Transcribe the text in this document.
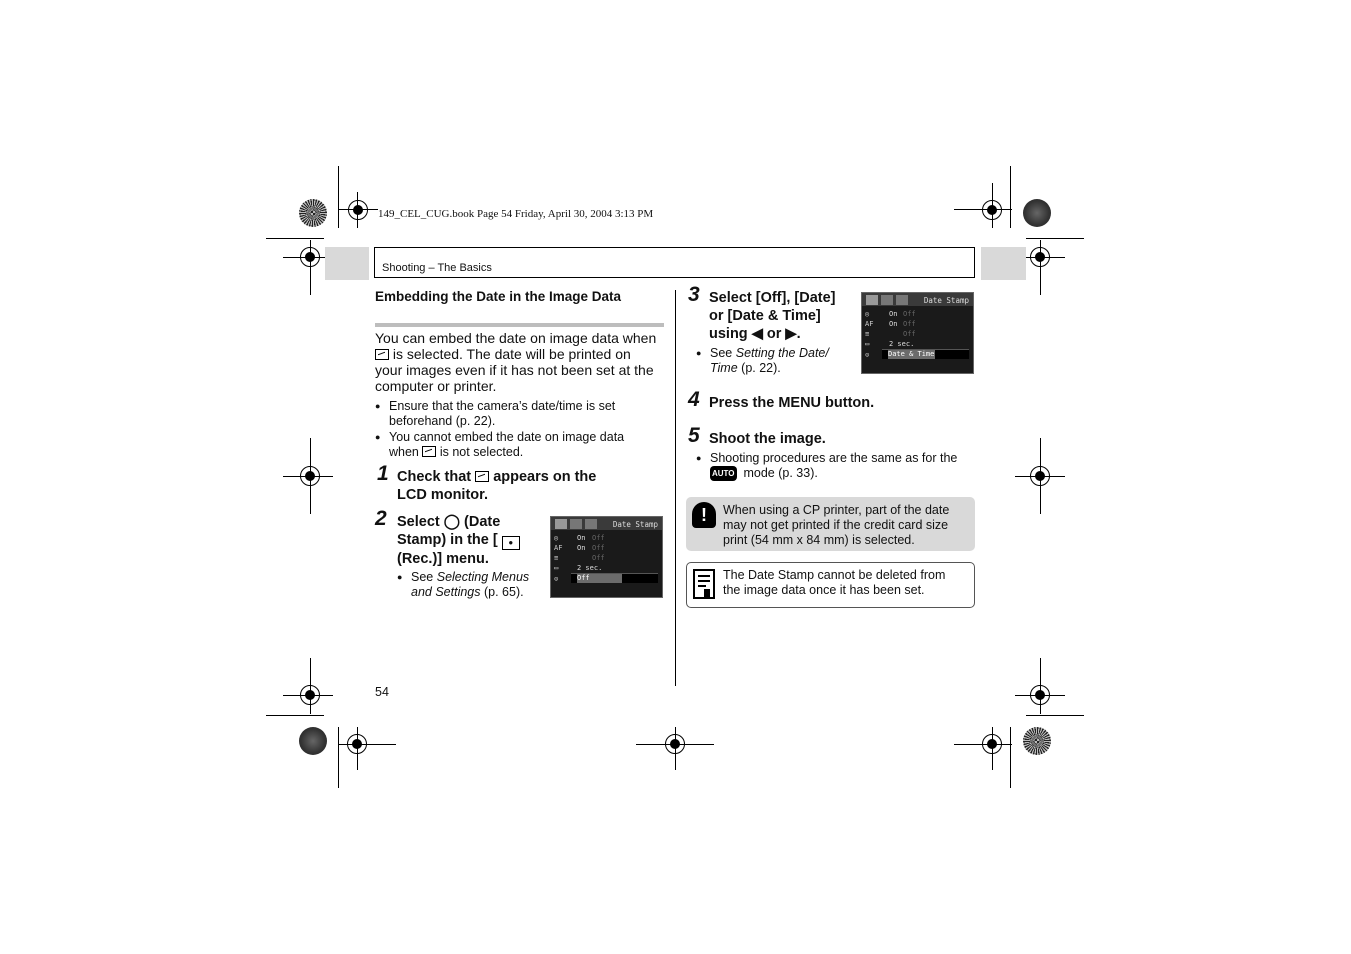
149_CEL_CUG.book Page 54 Friday, April 30, 2004 3:13 PM
Shooting – The Basics
Embedding the Date in the Image Data
You can embed the date on image data when
is selected. The date will be printed on
your images even if it has not been set at the
computer or printer.
● Ensure that the camera’s date/time is set
beforehand (p. 22).
● You cannot embed the date on image data
when is not selected.
1 Check that appears on the
LCD monitor.
2 Select ◯ (Date
Stamp) in the [ ●
(Rec.)] menu.
● See Selecting Menus
and Settings (p. 65).
Date Stamp
◎
AF
≡
▭
⊙
On Off
On Off
Off
2 sec.
Off
3 Select [Off], [Date]
or [Date & Time]
using ◀ or ▶.
● See Setting the Date/
Time (p. 22).
Date Stamp
◎
AF
≡
▭
⊙
On Off
On Off
Off
2 sec.
Date & Time
4 Press the MENU button.
5 Shoot the image.
● Shooting procedures are the same as for the
AUTO mode (p. 33).
!	When using a CP printer, part of the date
may not get printed if the credit card size
print (54 mm x 84 mm) is selected.
The Date Stamp cannot be deleted from
the image data once it has been set.
54
